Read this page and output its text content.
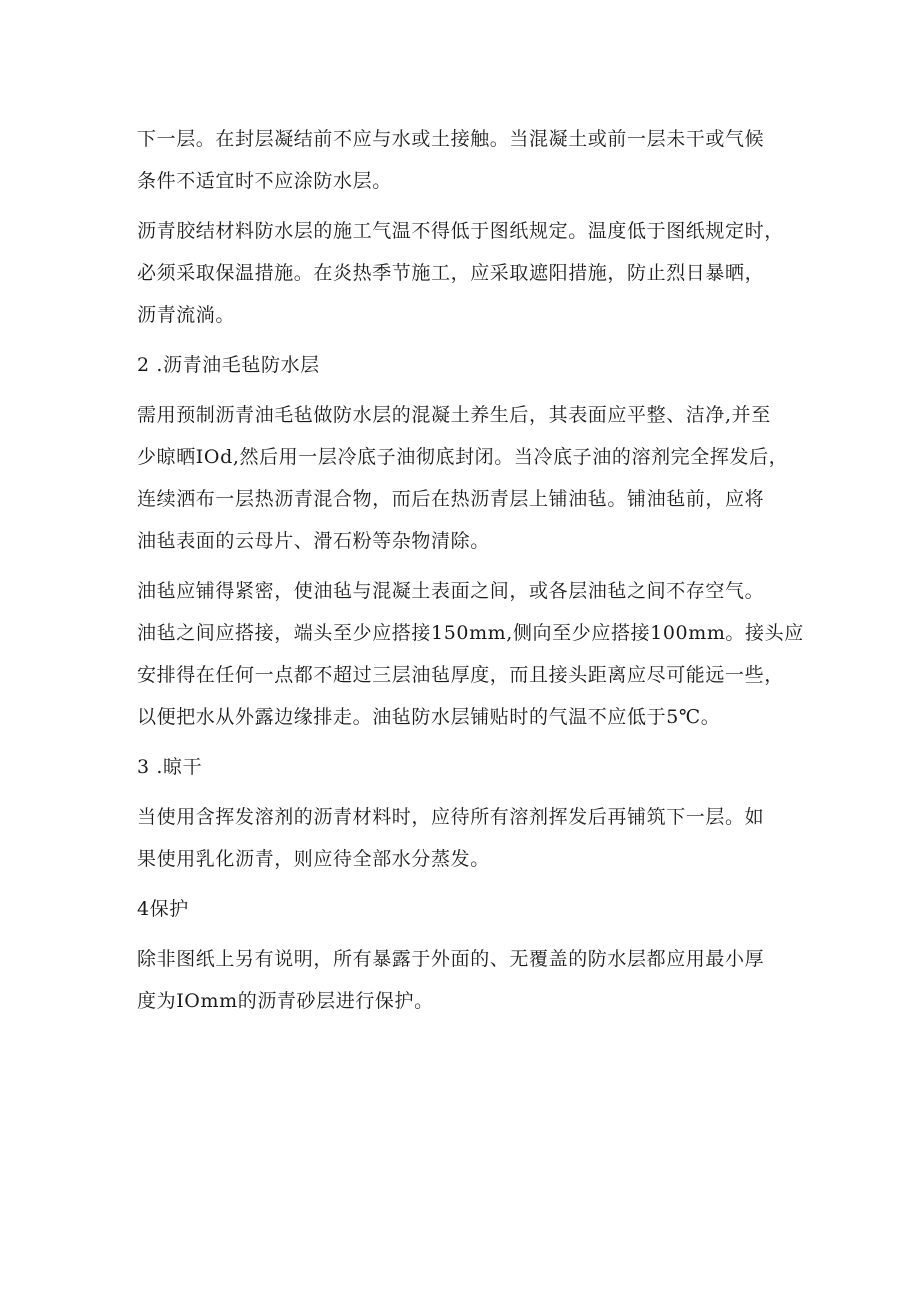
下一层。在封层凝结前不应与水或土接触。当混凝土或前一层未干或气候

条件不适宜时不应涂防水层。

沥青胶结材料防水层的施工气温不得低于图纸规定。温度低于图纸规定时，

必须采取保温措施。在炎热季节施工，应采取遮阳措施，防止烈日暴晒，

沥青流淌。

2 .沥青油毛毡防水层

需用预制沥青油毛毡做防水层的混凝土养生后，其表面应平整、洁净,并至

少晾晒IOd,然后用一层冷底子油彻底封闭。当冷底子油的溶剂完全挥发后，

连续洒布一层热沥青混合物，而后在热沥青层上铺油毡。铺油毡前，应将

油毡表面的云母片、滑石粉等杂物清除。

油毡应铺得紧密，使油毡与混凝土表面之间，或各层油毡之间不存空气。

油毡之间应搭接，端头至少应搭接150mm,侧向至少应搭接100mm。接头应

安排得在任何一点都不超过三层油毡厚度，而且接头距离应尽可能远一些，

以便把水从外露边缘排走。油毡防水层铺贴时的气温不应低于5℃。

3 .晾干

当使用含挥发溶剂的沥青材料时，应待所有溶剂挥发后再铺筑下一层。如

果使用乳化沥青，则应待全部水分蒸发。

4保护

除非图纸上另有说明，所有暴露于外面的、无覆盖的防水层都应用最小厚

度为IOmm的沥青砂层进行保护。
